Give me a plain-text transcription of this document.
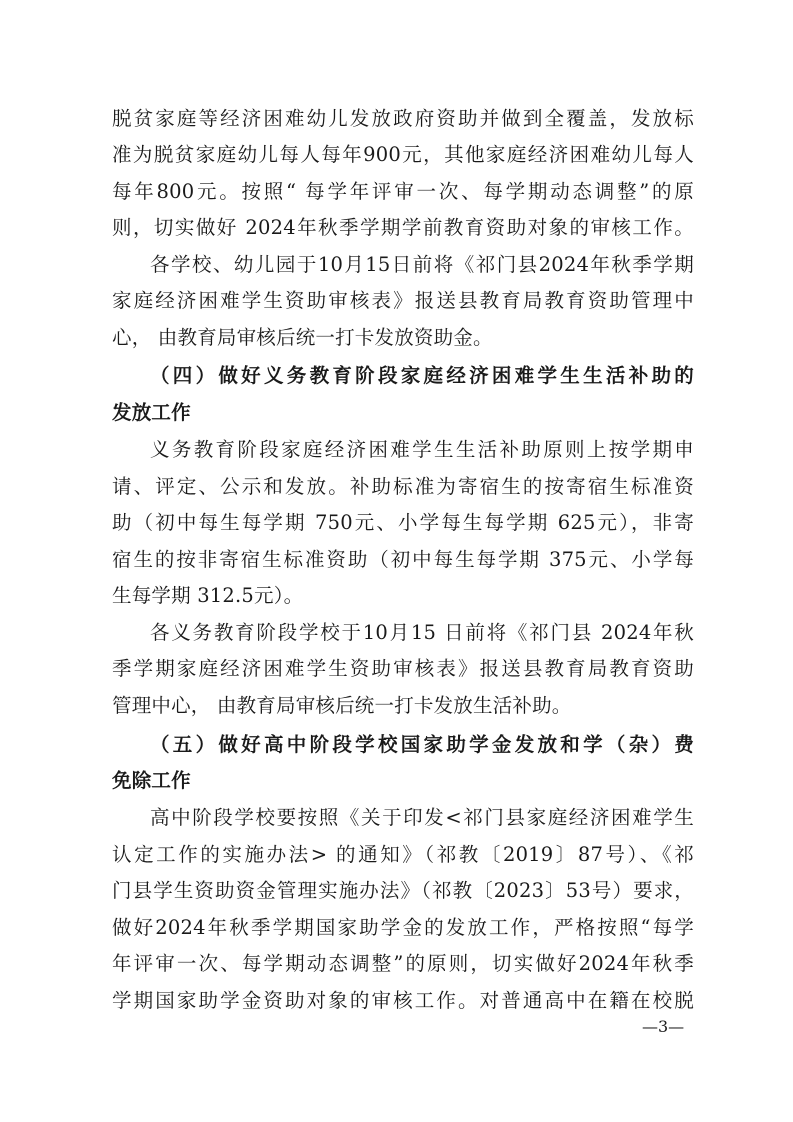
脱贫家庭等经济困难幼儿发放政府资助并做到全覆盖，发放标
准为脱贫家庭幼儿每人每年900元，其他家庭经济困难幼儿每人
每年800元。按照“ 每学年评审一次、每学期动态调整”的原
则，切实做好 2024年秋季学期学前教育资助对象的审核工作。
各学校、幼儿园于10月15日前将《祁门县2024年秋季学期
家庭经济困难学生资助审核表》报送县教育局教育资助管理中
心， 由教育局审核后统一打卡发放资助金。
（四）做好义务教育阶段家庭经济困难学生生活补助的
发放工作
义务教育阶段家庭经济困难学生生活补助原则上按学期申
请、评定、公示和发放。补助标准为寄宿生的按寄宿生标准资
助（初中每生每学期 750元、小学每生每学期 625元），非寄
宿生的按非寄宿生标准资助（初中每生每学期 375元、小学每
生每学期 312.5元）。
各义务教育阶段学校于10月15 日前将《祁门县 2024年秋
季学期家庭经济困难学生资助审核表》报送县教育局教育资助
管理中心， 由教育局审核后统一打卡发放生活补助。
（五）做好高中阶段学校国家助学金发放和学（杂）费
免除工作
高中阶段学校要按照《关于印发<祁门县家庭经济困难学生
认定工作的实施办法> 的通知》（祁教〔2019〕87号）、《祁
门县学生资助资金管理实施办法》（祁教〔2023〕53号）要求，
做好2024年秋季学期国家助学金的发放工作，严格按照“每学
年评审一次、每学期动态调整”的原则，切实做好2024年秋季
学期国家助学金资助对象的审核工作。对普通高中在籍在校脱
—3—
